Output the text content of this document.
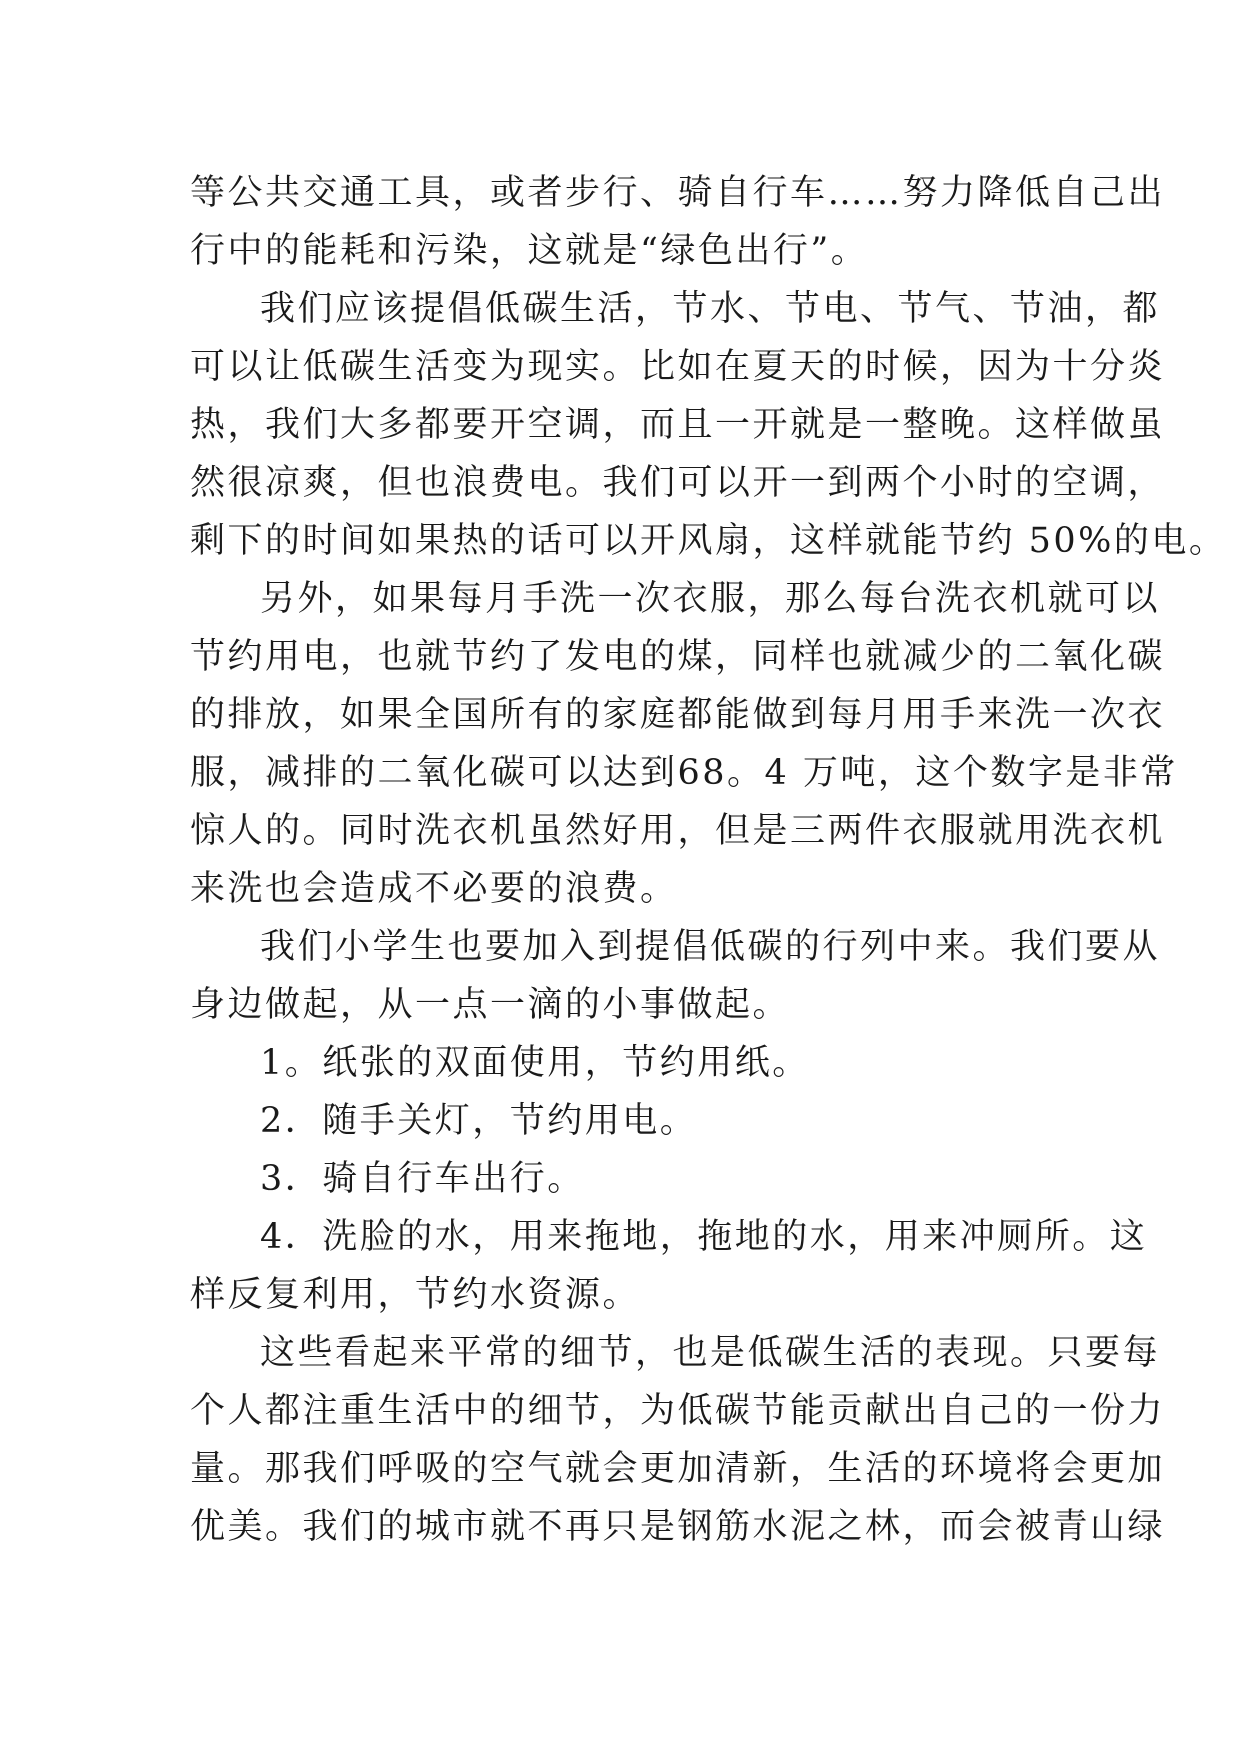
等公共交通工具，或者步行、骑自行车……努力降低自己出
行中的能耗和污染，这就是“绿色出行”。
我们应该提倡低碳生活，节水、节电、节气、节油，都
可以让低碳生活变为现实。比如在夏天的时候，因为十分炎
热，我们大多都要开空调，而且一开就是一整晚。这样做虽
然很凉爽，但也浪费电。我们可以开一到两个小时的空调，
剩下的时间如果热的话可以开风扇，这样就能节约 50%的电。
另外，如果每月手洗一次衣服，那么每台洗衣机就可以
节约用电，也就节约了发电的煤，同样也就减少的二氧化碳
的排放，如果全国所有的家庭都能做到每月用手来洗一次衣
服，减排的二氧化碳可以达到68。4 万吨，这个数字是非常
惊人的。同时洗衣机虽然好用，但是三两件衣服就用洗衣机
来洗也会造成不必要的浪费。
我们小学生也要加入到提倡低碳的行列中来。我们要从
身边做起，从一点一滴的小事做起。
1。纸张的双面使用，节约用纸。
2．随手关灯，节约用电。
3．骑自行车出行。
4．洗脸的水，用来拖地，拖地的水，用来冲厕所。这
样反复利用，节约水资源。
这些看起来平常的细节，也是低碳生活的表现。只要每
个人都注重生活中的细节，为低碳节能贡献出自己的一份力
量。那我们呼吸的空气就会更加清新，生活的环境将会更加
优美。我们的城市就不再只是钢筋水泥之林，而会被青山绿
